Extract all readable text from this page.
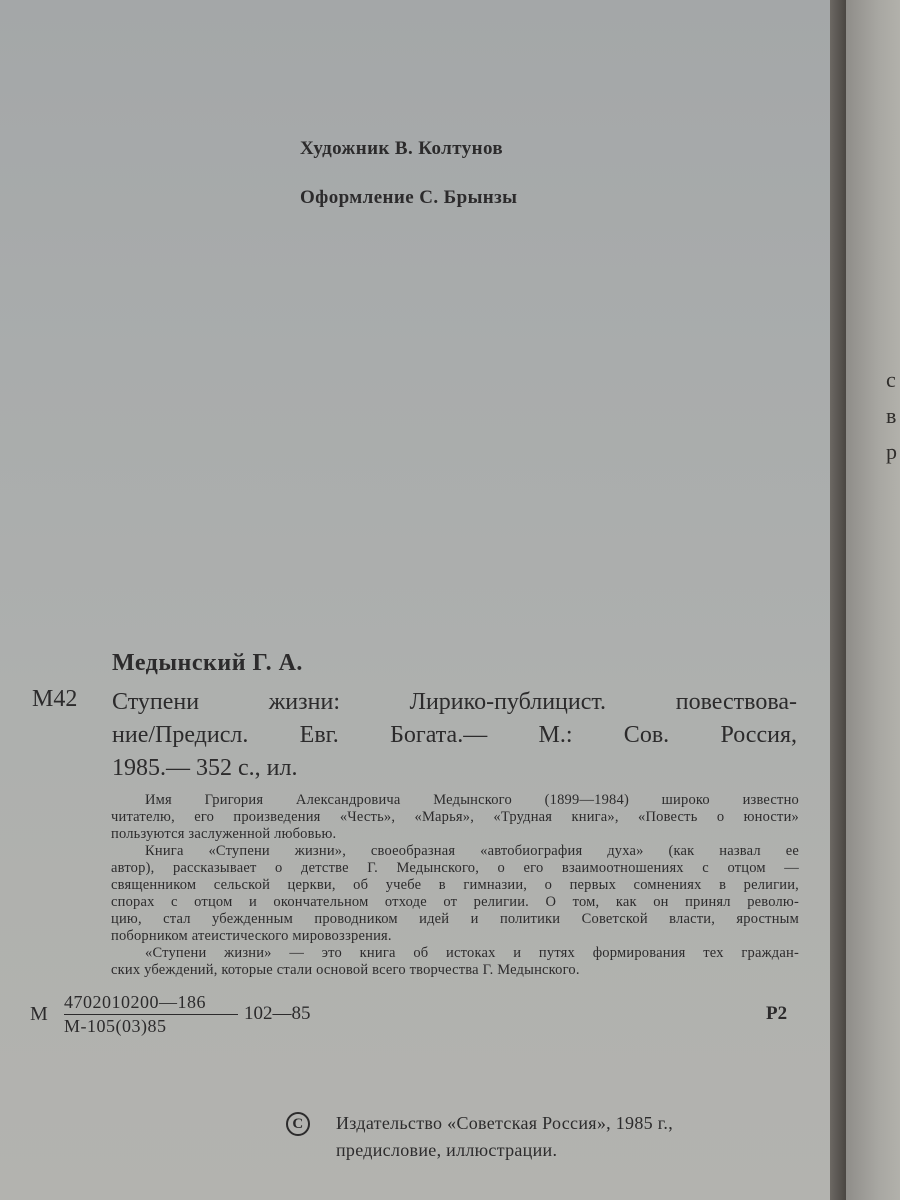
Художник В. Колтунов
Оформление С. Брынзы
Медынский Г. А.
М42 Ступени жизни: Лирико-публицист. повествова-
ние/Предисл. Евг. Богата.— М.: Сов. Россия,
1985.— 352 с., ил.
Имя Григория Александровича Медынского (1899—1984) широко известно
читателю, его произведения «Честь», «Марья», «Трудная книга», «Повесть о юности»
пользуются заслуженной любовью.
Книга «Ступени жизни», своеобразная «автобиография духа» (как назвал ее
автор), рассказывает о детстве Г. Медынского, о его взаимоотношениях с отцом —
священником сельской церкви, об учебе в гимназии, о первых сомнениях в религии,
спорах с отцом и окончательном отходе от религии. О том, как он принял револю-
цию, стал убежденным проводником идей и политики Советской власти, яростным
поборником атеистического мировоззрения.
«Ступени жизни» — это книга об истоках и путях формирования тех граждан-
ских убеждений, которые стали основой всего творчества Г. Медынского.
М
4702010200—186
М-105(03)85
102—85	Р2
C	Издательство «Советская Россия», 1985 г.,
предисловие, иллюстрации.
с
в
р
